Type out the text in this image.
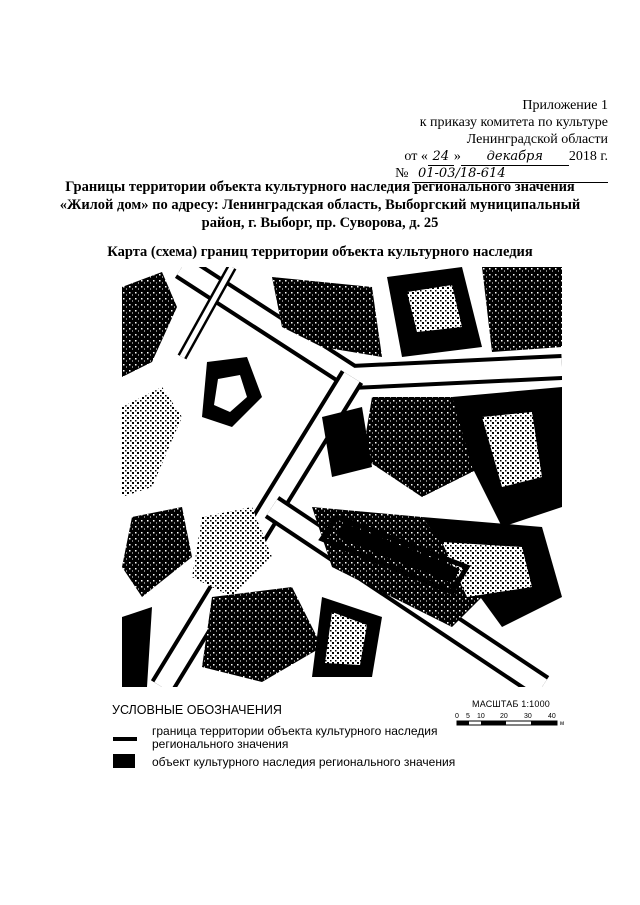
Приложение 1
к приказу комитета по культуре
Ленинградской области
от « 24 » декабря 2018 г.
№ 01-03/18-614
Границы территории объекта культурного наследия регионального значения
«Жилой дом» по адресу: Ленинградская область, Выборгский муниципальный
район, г. Выборг, пр. Суворова, д. 25
Карта (схема) границ территории объекта культурного наследия
УСЛОВНЫЕ ОБОЗНАЧЕНИЯ
граница территории объекта культурного наследия
регионального значения
объект культурного наследия регионального значения
МАСШТАБ 1:1000
0 5 10 20 30 40
м
